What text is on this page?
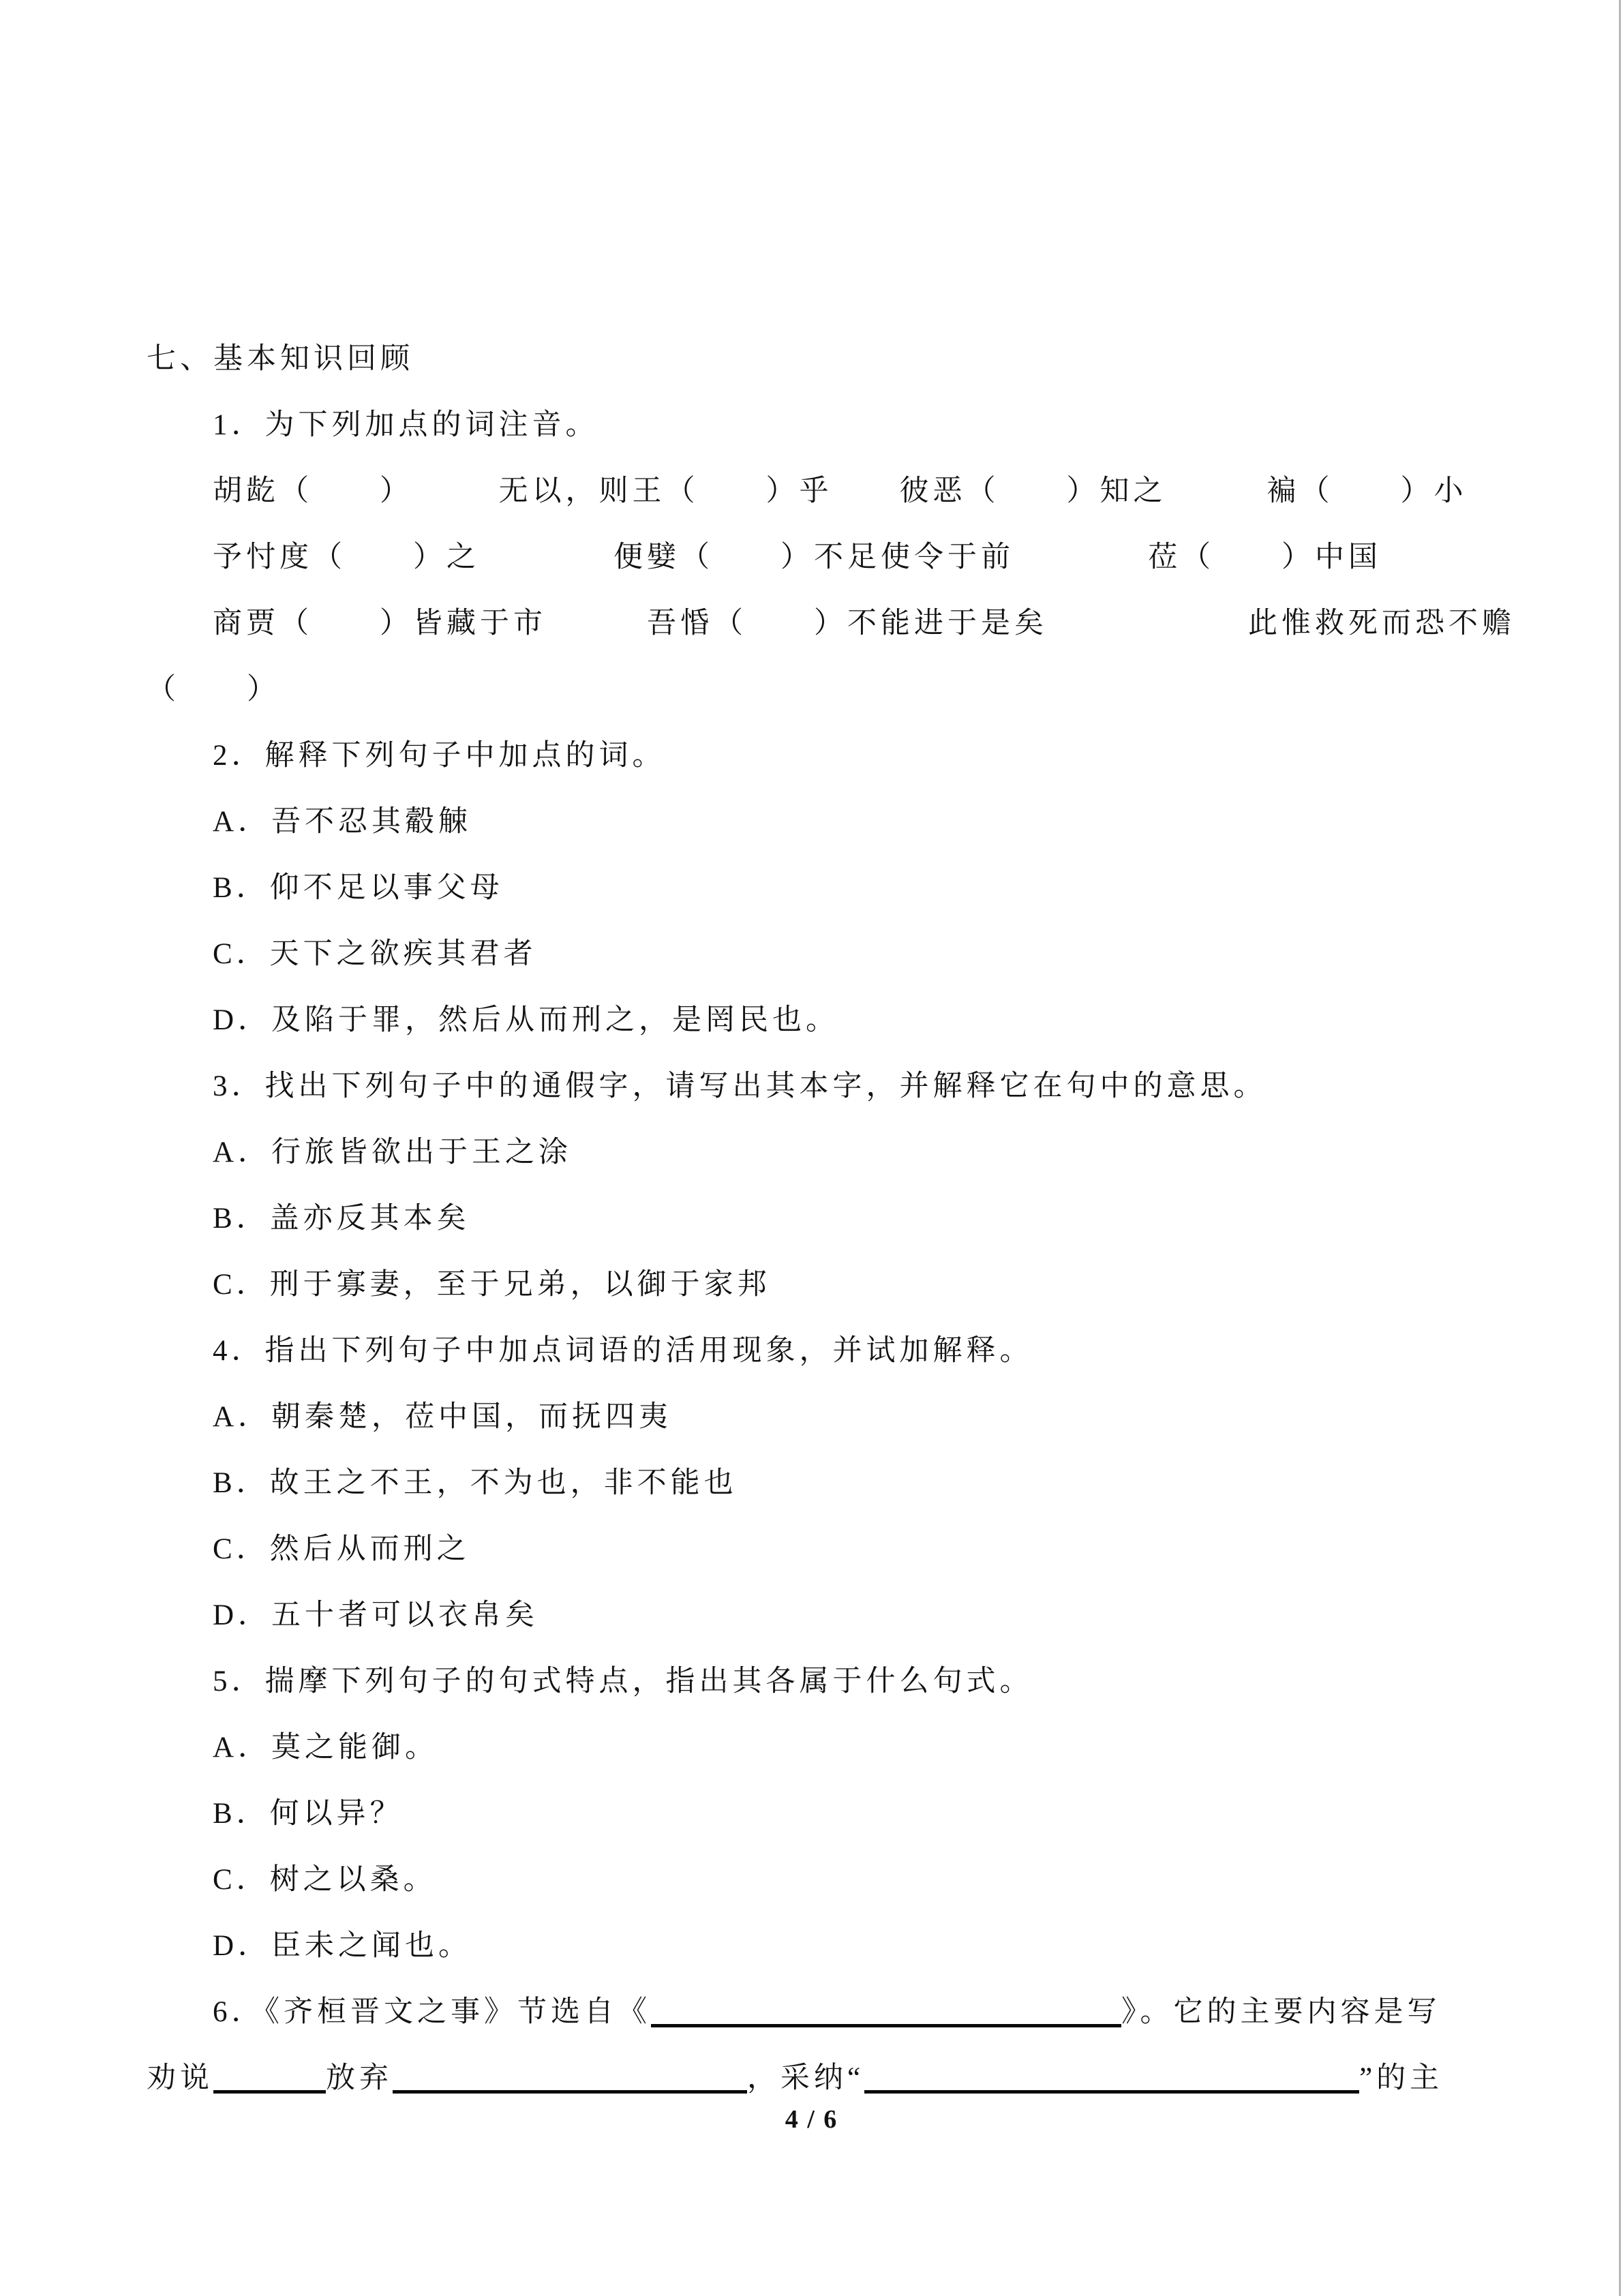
七、基本知识回顾
1．为下列加点的词注音。
胡龁（　　）　　　无以，则王（　　）乎　　彼恶（　　）知之　　　褊（　　）小
予忖度（　　）之　　　　便嬖（　　）不足使令于前　　　　莅（　　）中国
商贾（　　）皆藏于市　　　吾惛（　　）不能进于是矣　　　　　　此惟救死而恐不赡
（　　）
2．解释下列句子中加点的词。
A．吾不忍其觳觫
B．仰不足以事父母
C．天下之欲疾其君者
D．及陷于罪，然后从而刑之，是罔民也。
3．找出下列句子中的通假字，请写出其本字，并解释它在句中的意思。
A．行旅皆欲出于王之涂
B．盖亦反其本矣
C．刑于寡妻，至于兄弟，以御于家邦
4．指出下列句子中加点词语的活用现象，并试加解释。
A．朝秦楚，莅中国，而抚四夷
B．故王之不王，不为也，非不能也
C．然后从而刑之
D．五十者可以衣帛矣
5．揣摩下列句子的句式特点，指出其各属于什么句式。
A．莫之能御。
B．何以异？
C．树之以桑。
D．臣未之闻也。
6．《齐桓晋文之事》节选自《	》。它的主要内容是写
劝说	放弃	，采纳“	”的主
4 / 6
